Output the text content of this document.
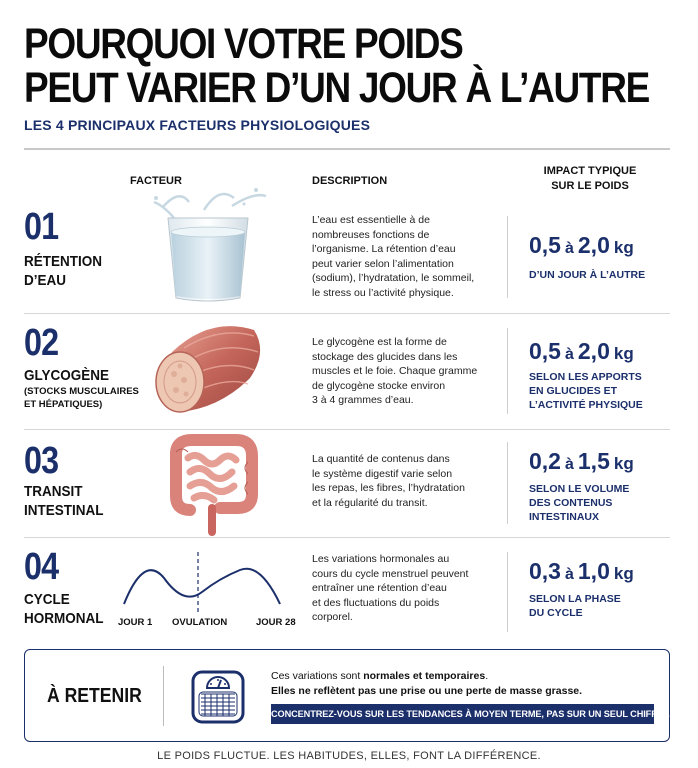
POURQUOI VOTRE POIDS
PEUT VARIER D’UN JOUR À L’AUTRE
LES 4 PRINCIPAUX FACTEURS PHYSIOLOGIQUES
FACTEUR	DESCRIPTION
IMPACT TYPIQUE
SUR LE POIDS
01
RÉTENTION
D’EAU
L’eau est essentielle à de
nombreuses fonctions de
l’organisme. La rétention d’eau
peut varier selon l’alimentation
(sodium), l’hydratation, le sommeil,
le stress ou l’activité physique.
0,5 à 2,0 kg
D’UN JOUR À L’AUTRE
02
GLYCOGÈNE
(STOCKS MUSCULAIRES
ET HÉPATIQUES)
Le glycogène est la forme de
stockage des glucides dans les
muscles et le foie. Chaque gramme
de glycogène stocke environ
3 à 4 grammes d’eau.
0,5 à 2,0 kg
SELON LES APPORTS
EN GLUCIDES ET
L’ACTIVITÉ PHYSIQUE
03
TRANSIT
INTESTINAL
La quantité de contenus dans
le système digestif varie selon
les repas, les fibres, l’hydratation
et la régularité du transit.
0,2 à 1,5 kg
SELON LE VOLUME
DES CONTENUS
INTESTINAUX
04
CYCLE
HORMONAL JOUR 1 OVULATION	JOUR 28
Les variations hormonales au
cours du cycle menstruel peuvent
entraîner une rétention d’eau
et des fluctuations du poids
corporel.
0,3 à 1,0 kg
SELON LA PHASE
DU CYCLE
À RETENIR
Ces variations sont normales et temporaires.
Elles ne reflètent pas une prise ou une perte de masse grasse.
CONCENTREZ-VOUS SUR LES TENDANCES À MOYEN TERME, PAS SUR UN SEUL CHIFFRE.
LE POIDS FLUCTUE. LES HABITUDES, ELLES, FONT LA DIFFÉRENCE.
